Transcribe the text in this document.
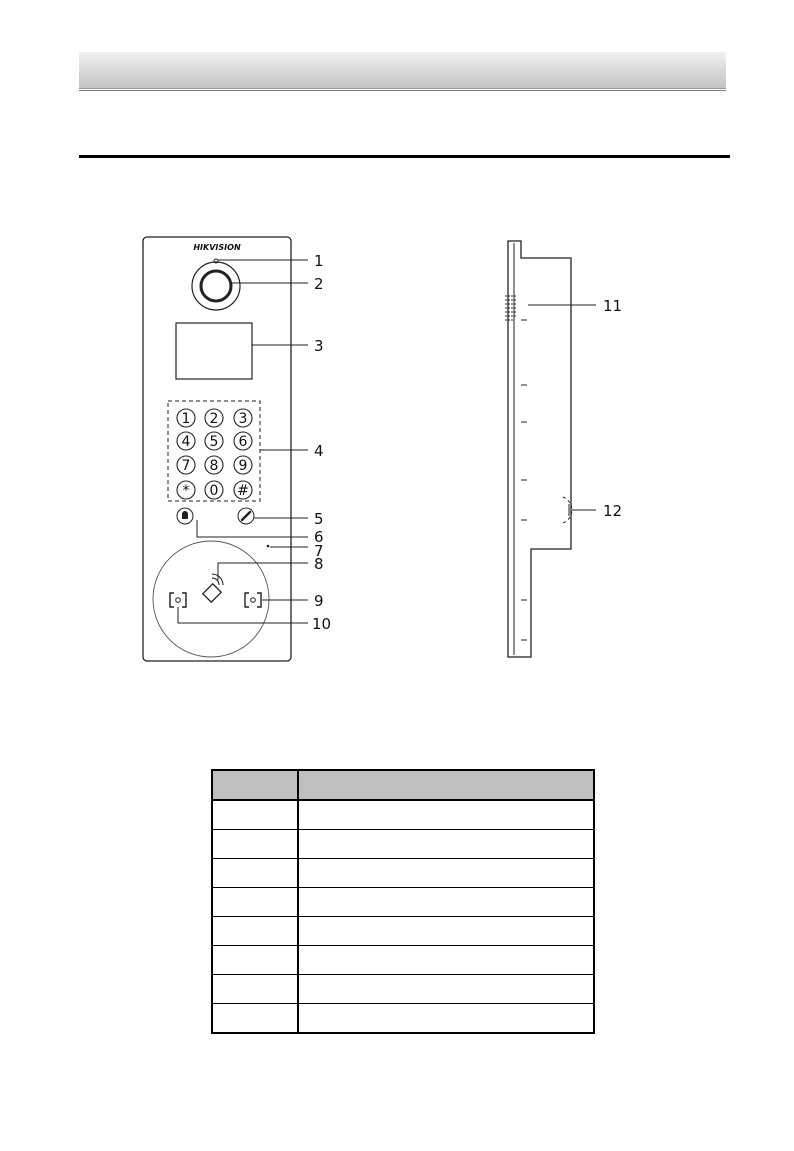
HIKVISION
1 2 3
4 5 6
7 8 9
* 0 #
1
2
3
4
5
6
7
8
9
10
11
12
